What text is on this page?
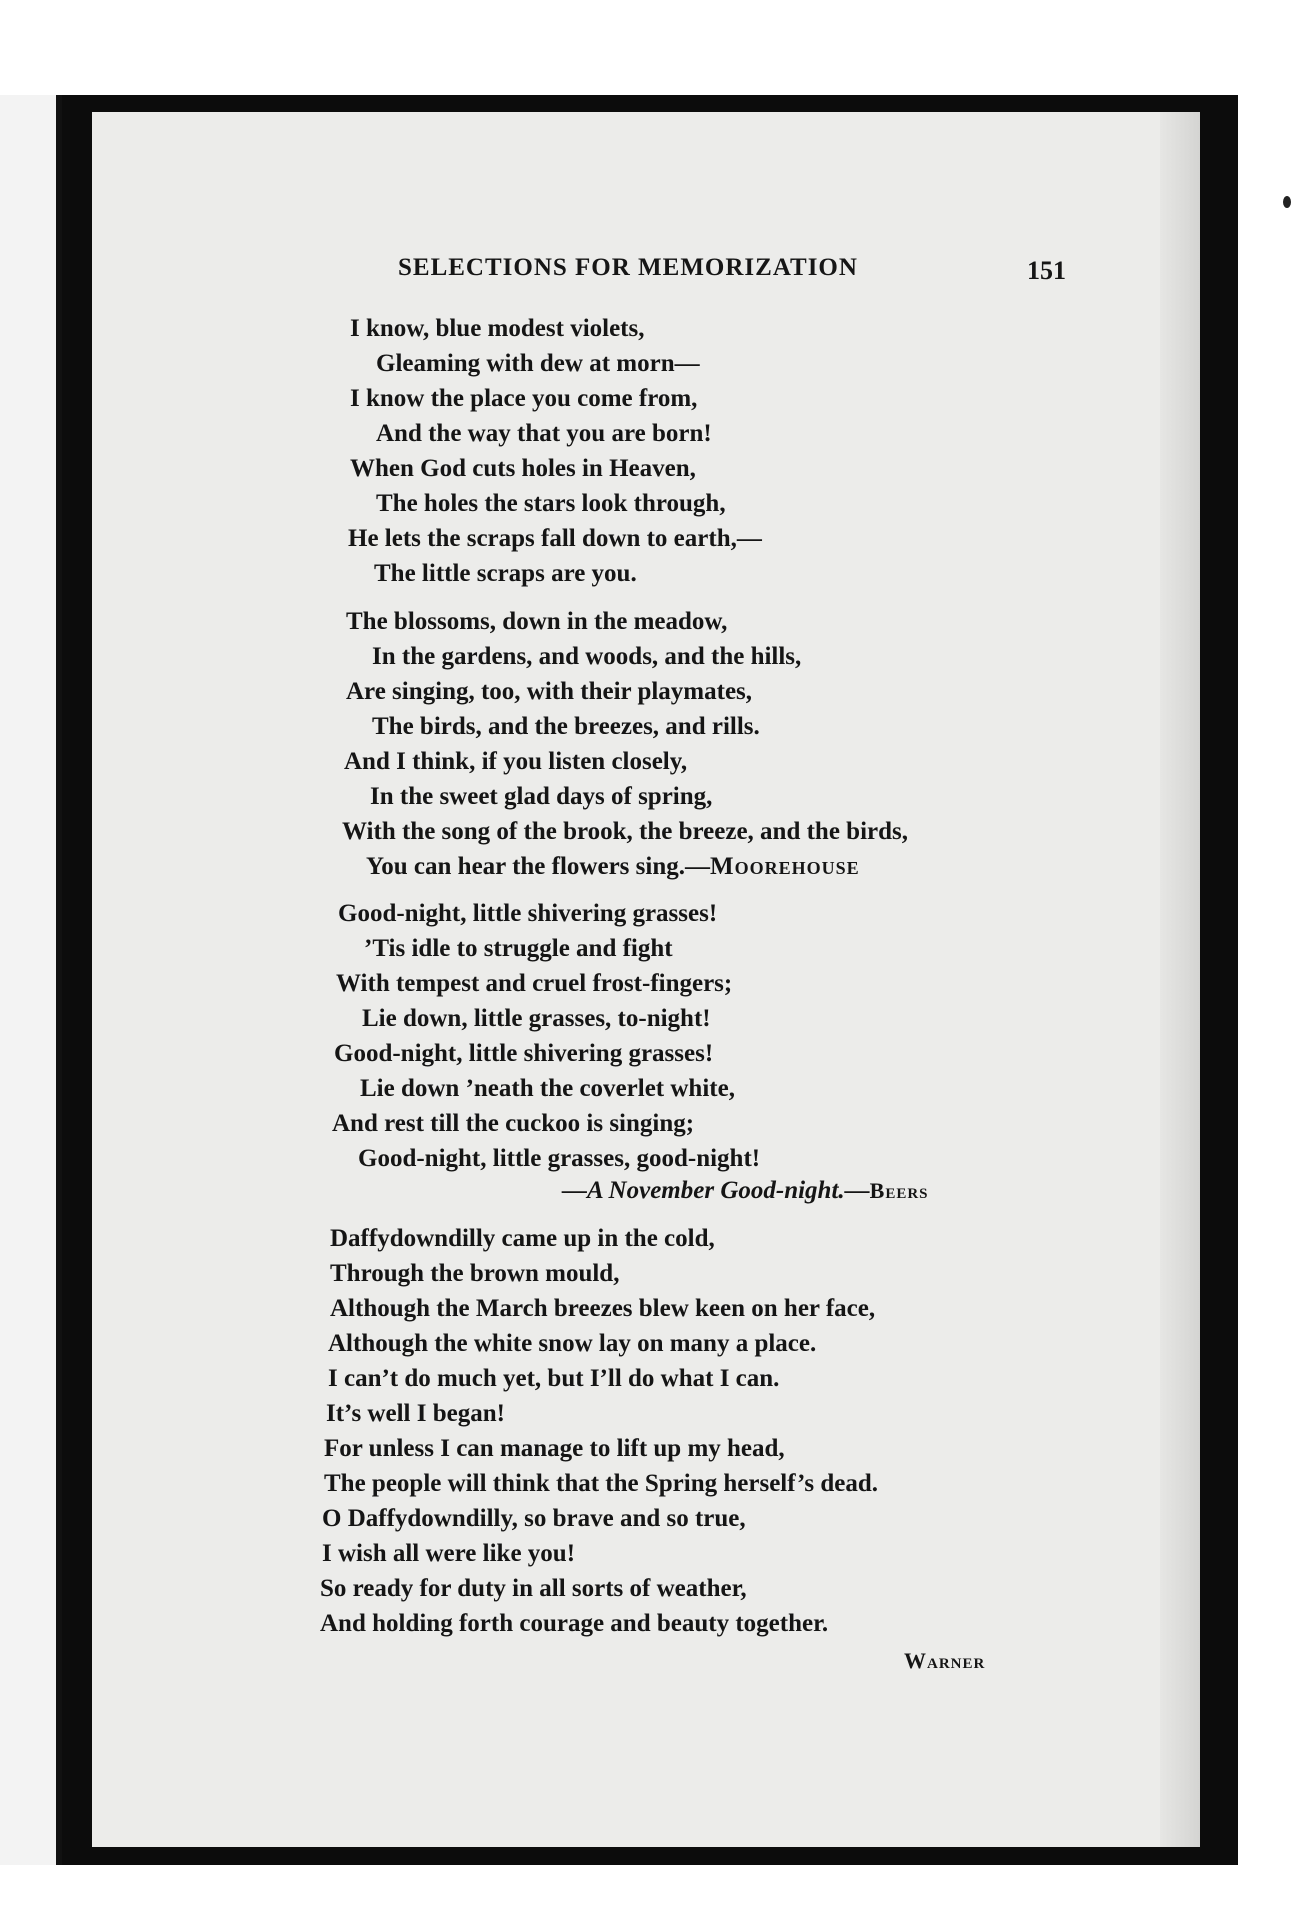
SELECTIONS FOR MEMORIZATION	151
I know, blue modest violets,
Gleaming with dew at morn—
I know the place you come from,
And the way that you are born!
When God cuts holes in Heaven,
The holes the stars look through,
He lets the scraps fall down to earth,—
The little scraps are you.
The blossoms, down in the meadow,
In the gardens, and woods, and the hills,
Are singing, too, with their playmates,
The birds, and the breezes, and rills.
And I think, if you listen closely,
In the sweet glad days of spring,
With the song of the brook, the breeze, and the birds,
You can hear the flowers sing.—Moorehouse
Good-night, little shivering grasses!
’Tis idle to struggle and fight
With tempest and cruel frost-fingers;
Lie down, little grasses, to-night!
Good-night, little shivering grasses!
Lie down ’neath the coverlet white,
And rest till the cuckoo is singing;
Good-night, little grasses, good-night!
—A November Good-night.—Beers
Daffydowndilly came up in the cold,
Through the brown mould,
Although the March breezes blew keen on her face,
Although the white snow lay on many a place.
I can’t do much yet, but I’ll do what I can.
It’s well I began!
For unless I can manage to lift up my head,
The people will think that the Spring herself’s dead.
O Daffydowndilly, so brave and so true,
I wish all were like you!
So ready for duty in all sorts of weather,
And holding forth courage and beauty together.
Warner
